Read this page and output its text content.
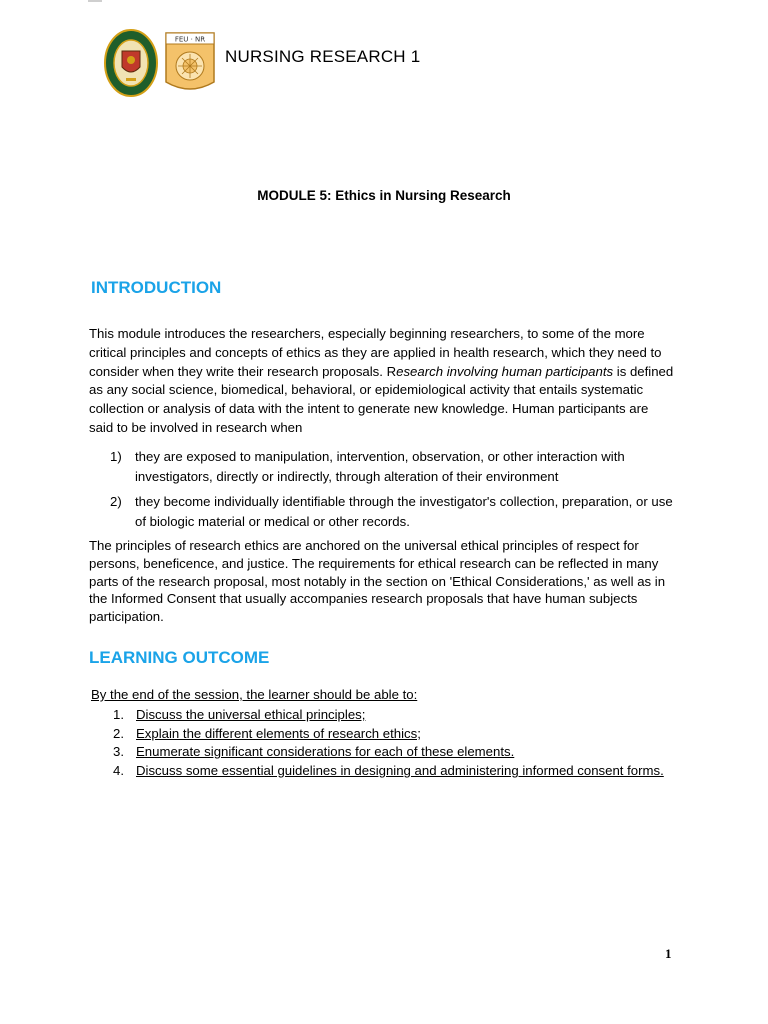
FEU · NR
NURSING RESEARCH 1
MODULE 5: Ethics in Nursing Research
INTRODUCTION

This module introduces the researchers, especially beginning researchers, to some of the more critical principles and concepts of ethics as they are applied in health research, which they need to consider when they write their research proposals. Research involving human participants is defined as any social science, biomedical, behavioral, or epidemiological activity that entails systematic collection or analysis of data with the intent to generate new knowledge. Human participants are said to be involved in research when

1)	they are exposed to manipulation, intervention, observation, or other interaction with investigators, directly or indirectly, through alteration of their environment
2)	they become individually identifiable through the investigator's collection, preparation, or use of biologic material or medical or other records.

The principles of research ethics are anchored on the universal ethical principles of respect for persons, beneficence, and justice. The requirements for ethical research can be reflected in many parts of the research proposal, most notably in the section on 'Ethical Considerations,' as well as in the Informed Consent that usually accompanies research proposals that have human subjects participation.

LEARNING OUTCOME
By the end of the session, the learner should be able to:
1. Discuss the universal ethical principles;
2. Explain the different elements of research ethics;
3. Enumerate significant considerations for each of these elements.
4. Discuss some essential guidelines in designing and administering informed consent forms.
1
